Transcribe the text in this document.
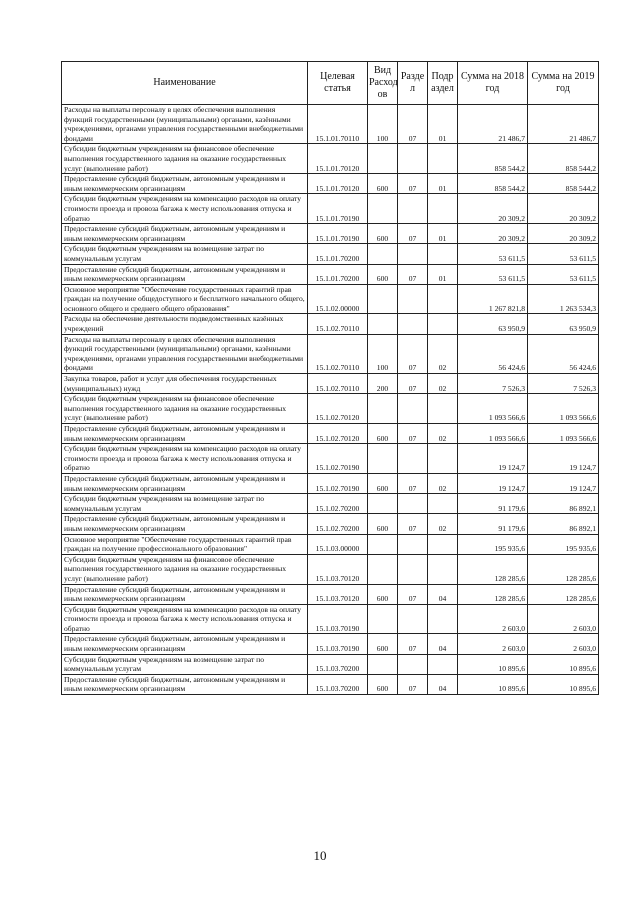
Наименование	Целевая статья	Вид Расход ов	Разде л	Подр аздел	Сумма на 2018 год	Сумма на 2019 год
Расходы на выплаты персоналу в целях обеспечения выполнения функций государственными (муниципальными) органами, казёнными учреждениями, органами управления государственными внебюджетными фондами	15.1.01.70110	100	07	01	21 486,7	21 486,7
Субсидии бюджетным учреждениям на финансовое обеспечение выполнения государственного задания на оказание государственных услуг (выполнение работ)	15.1.01.70120				858 544,2	858 544,2
Предоставление субсидий бюджетным, автономным учреждениям и иным некоммерческим организациям	15.1.01.70120	600	07	01	858 544,2	858 544,2
Субсидии бюджетным учреждениям на компенсацию расходов на оплату стоимости проезда и провоза багажа к месту использования отпуска и обратно	15.1.01.70190				20 309,2	20 309,2
Предоставление субсидий бюджетным, автономным учреждениям и иным некоммерческим организациям	15.1.01.70190	600	07	01	20 309,2	20 309,2
Субсидии бюджетным учреждениям на возмещение затрат по коммунальным услугам	15.1.01.70200				53 611,5	53 611,5
Предоставление субсидий бюджетным, автономным учреждениям и иным некоммерческим организациям	15.1.01.70200	600	07	01	53 611,5	53 611,5
Основное мероприятие "Обеспечение государственных гарантий прав граждан на получение общедоступного и бесплатного начального общего, основного общего и среднего общего образования"	15.1.02.00000				1 267 821,8	1 263 534,3
Расходы на обеспечение деятельности подведомственных казённых учреждений	15.1.02.70110				63 950,9	63 950,9
Расходы на выплаты персоналу в целях обеспечения выполнения функций государственными (муниципальными) органами, казёнными учреждениями, органами управления государственными внебюджетными фондами	15.1.02.70110	100	07	02	56 424,6	56 424,6
Закупка товаров, работ и услуг для обеспечения государственных (муниципальных) нужд	15.1.02.70110	200	07	02	7 526,3	7 526,3
Субсидии бюджетным учреждениям на финансовое обеспечение выполнения государственного задания на оказание государственных услуг (выполнение работ)	15.1.02.70120				1 093 566,6	1 093 566,6
Предоставление субсидий бюджетным, автономным учреждениям и иным некоммерческим организациям	15.1.02.70120	600	07	02	1 093 566,6	1 093 566,6
Субсидии бюджетным учреждениям на компенсацию расходов на оплату стоимости проезда и провоза багажа к месту использования отпуска и обратно	15.1.02.70190				19 124,7	19 124,7
Предоставление субсидий бюджетным, автономным учреждениям и иным некоммерческим организациям	15.1.02.70190	600	07	02	19 124,7	19 124,7
Субсидии бюджетным учреждениям на возмещение затрат по коммунальным услугам	15.1.02.70200				91 179,6	86 892,1
Предоставление субсидий бюджетным, автономным учреждениям и иным некоммерческим организациям	15.1.02.70200	600	07	02	91 179,6	86 892,1
Основное мероприятие "Обеспечение государственных гарантий прав граждан на получение профессионального образования"	15.1.03.00000				195 935,6	195 935,6
Субсидии бюджетным учреждениям на финансовое обеспечение выполнения государственного задания на оказание государственных услуг (выполнение работ)	15.1.03.70120				128 285,6	128 285,6
Предоставление субсидий бюджетным, автономным учреждениям и иным некоммерческим организациям	15.1.03.70120	600	07	04	128 285,6	128 285,6
Субсидии бюджетным учреждениям на компенсацию расходов на оплату стоимости проезда и провоза багажа к месту использования отпуска и обратно	15.1.03.70190				2 603,0	2 603,0
Предоставление субсидий бюджетным, автономным учреждениям и иным некоммерческим организациям	15.1.03.70190	600	07	04	2 603,0	2 603,0
Субсидии бюджетным учреждениям на возмещение затрат по коммунальным услугам	15.1.03.70200				10 895,6	10 895,6
Предоставление субсидий бюджетным, автономным учреждениям и иным некоммерческим организациям	15.1.03.70200	600	07	04	10 895,6	10 895,6
10
